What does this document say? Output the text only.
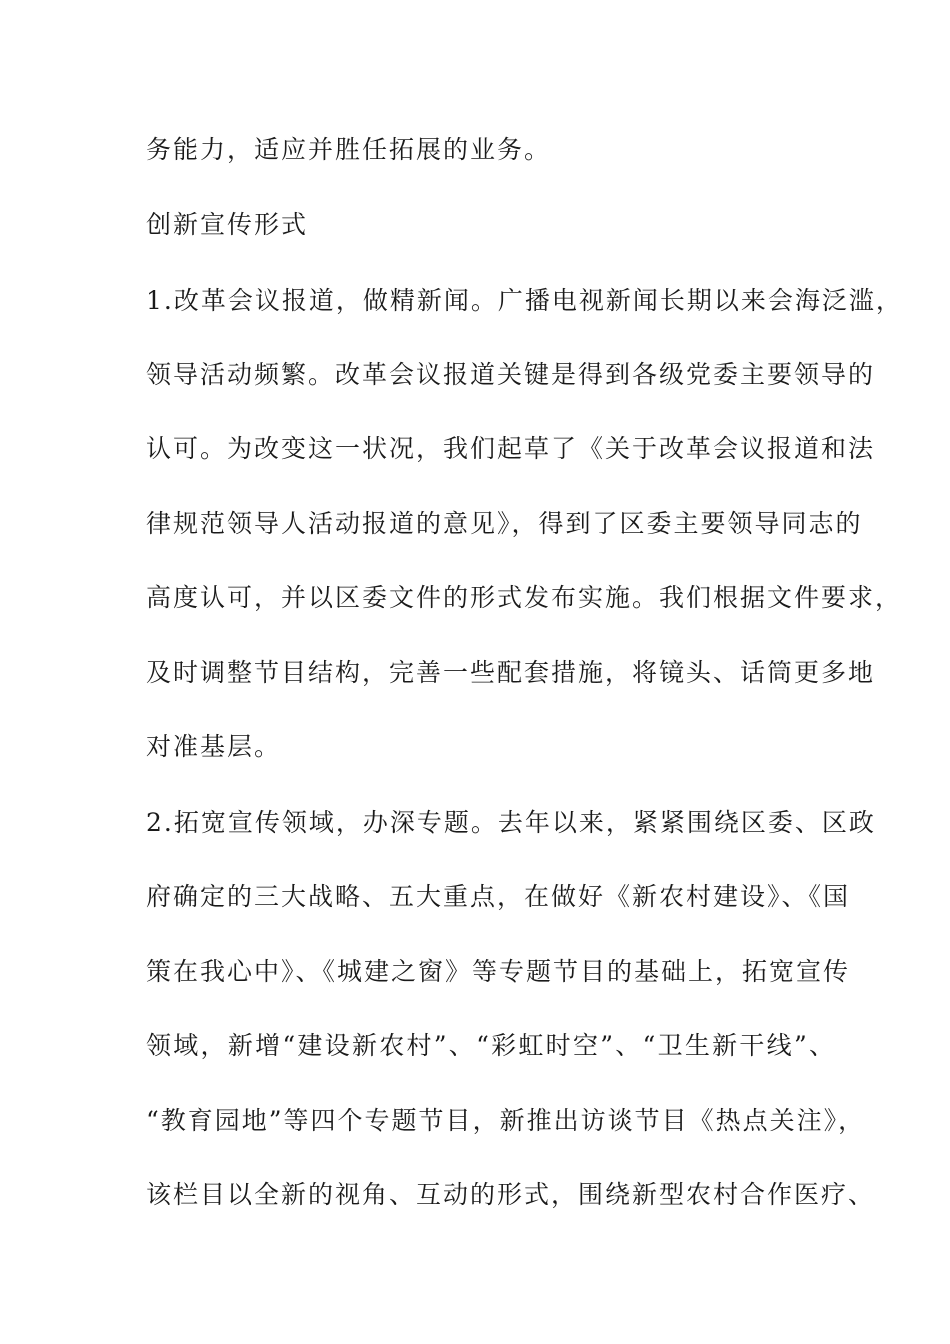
务能力，适应并胜任拓展的业务。
创新宣传形式
1.改革会议报道，做精新闻。广播电视新闻长期以来会海泛滥，
领导活动频繁。改革会议报道关键是得到各级党委主要领导的
认可。为改变这一状况，我们起草了《关于改革会议报道和法
律规范领导人活动报道的意见》，得到了区委主要领导同志的
高度认可，并以区委文件的形式发布实施。我们根据文件要求，
及时调整节目结构，完善一些配套措施，将镜头、话筒更多地
对准基层。
2.拓宽宣传领域，办深专题。去年以来，紧紧围绕区委、区政
府确定的三大战略、五大重点，在做好《新农村建设》、《国
策在我心中》、《城建之窗》等专题节目的基础上，拓宽宣传
领域，新增“建设新农村”、“彩虹时空”、“卫生新干线”、
“教育园地”等四个专题节目，新推出访谈节目《热点关注》，
该栏目以全新的视角、互动的形式，围绕新型农村合作医疗、
